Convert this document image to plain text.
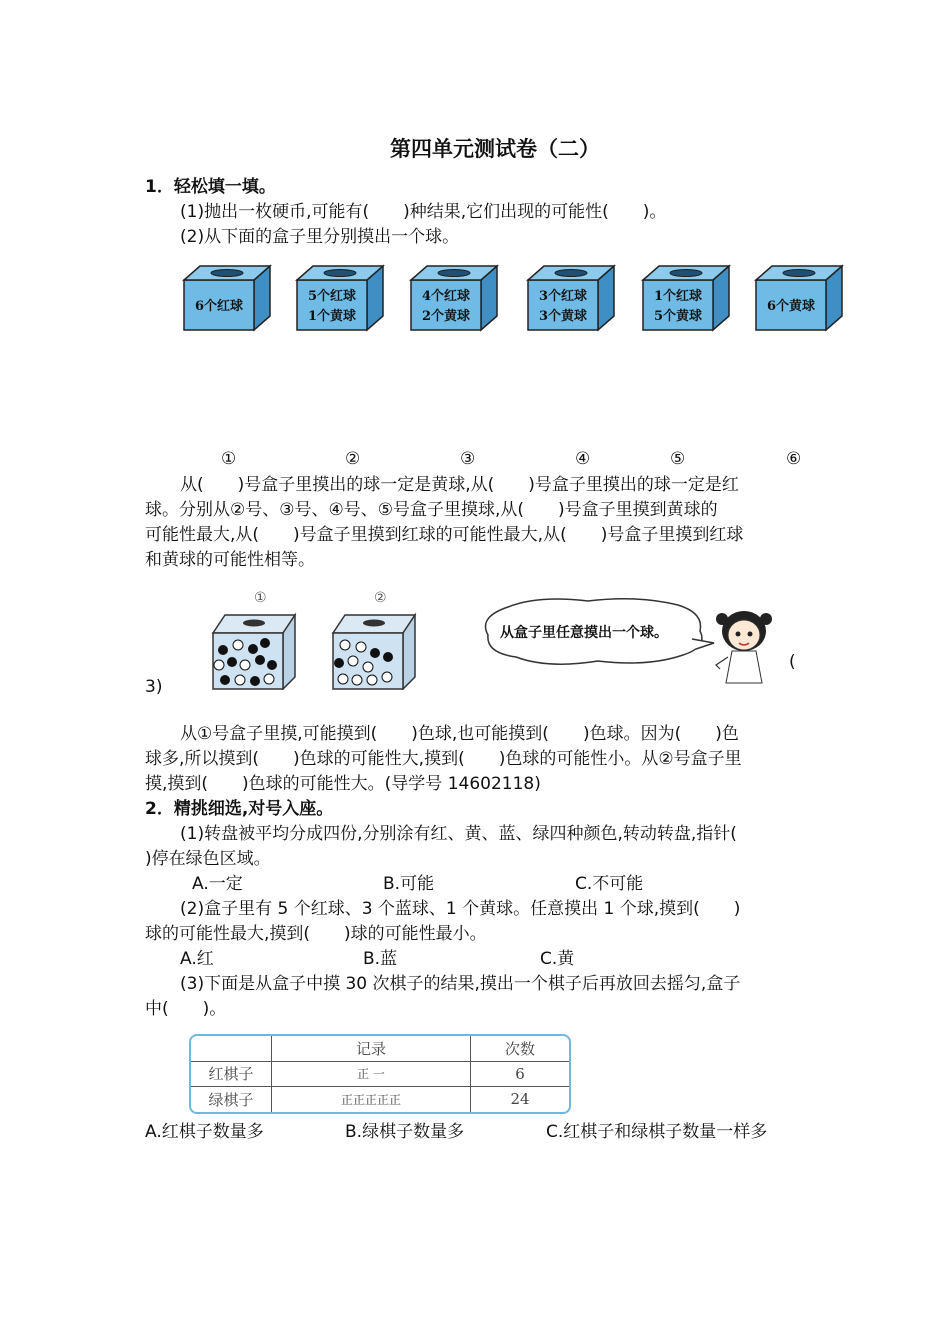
第四单元测试卷（二）
1．轻松填一填。
(1)抛出一枚硬币,可能有(　　)种结果,它们出现的可能性(　　)。
(2)从下面的盒子里分别摸出一个球。
6个红球
5个红球
1个黄球
4个红球
2个黄球
3个红球
3个黄球
1个红球
5个黄球
6个黄球
①	②	③	④	⑤	⑥
从(　　)号盒子里摸出的球一定是黄球,从(　　)号盒子里摸出的球一定是红
球。分别从②号、③号、④号、⑤号盒子里摸球,从(　　)号盒子里摸到黄球的
可能性最大,从(　　)号盒子里摸到红球的可能性最大,从(　　)号盒子里摸到红球
和黄球的可能性相等。
①	②
从盒子里任意摸出一个球。
(
3)
从①号盒子里摸,可能摸到(　　)色球,也可能摸到(　　)色球。因为(　　)色
球多,所以摸到(　　)色球的可能性大,摸到(　　)色球的可能性小。从②号盒子里
摸,摸到(　　)色球的可能性大。(导学号 14602118)
2．精挑细选,对号入座。
(1)转盘被平均分成四份,分别涂有红、黄、蓝、绿四种颜色,转动转盘,指针(
)停在绿色区域。
A.一定	B.可能	C.不可能
(2)盒子里有 5 个红球、3 个蓝球、1 个黄球。任意摸出 1 个球,摸到(　　)
球的可能性最大,摸到(　　)球的可能性最小。
A.红	B.蓝	C.黄
(3)下面是从盒子中摸 30 次棋子的结果,摸出一个棋子后再放回去摇匀,盒子
中(　　)。
	记录	次数
红棋子	正 一	6
绿棋子	正正正正正	24
A.红棋子数量多	B.绿棋子数量多	C.红棋子和绿棋子数量一样多
